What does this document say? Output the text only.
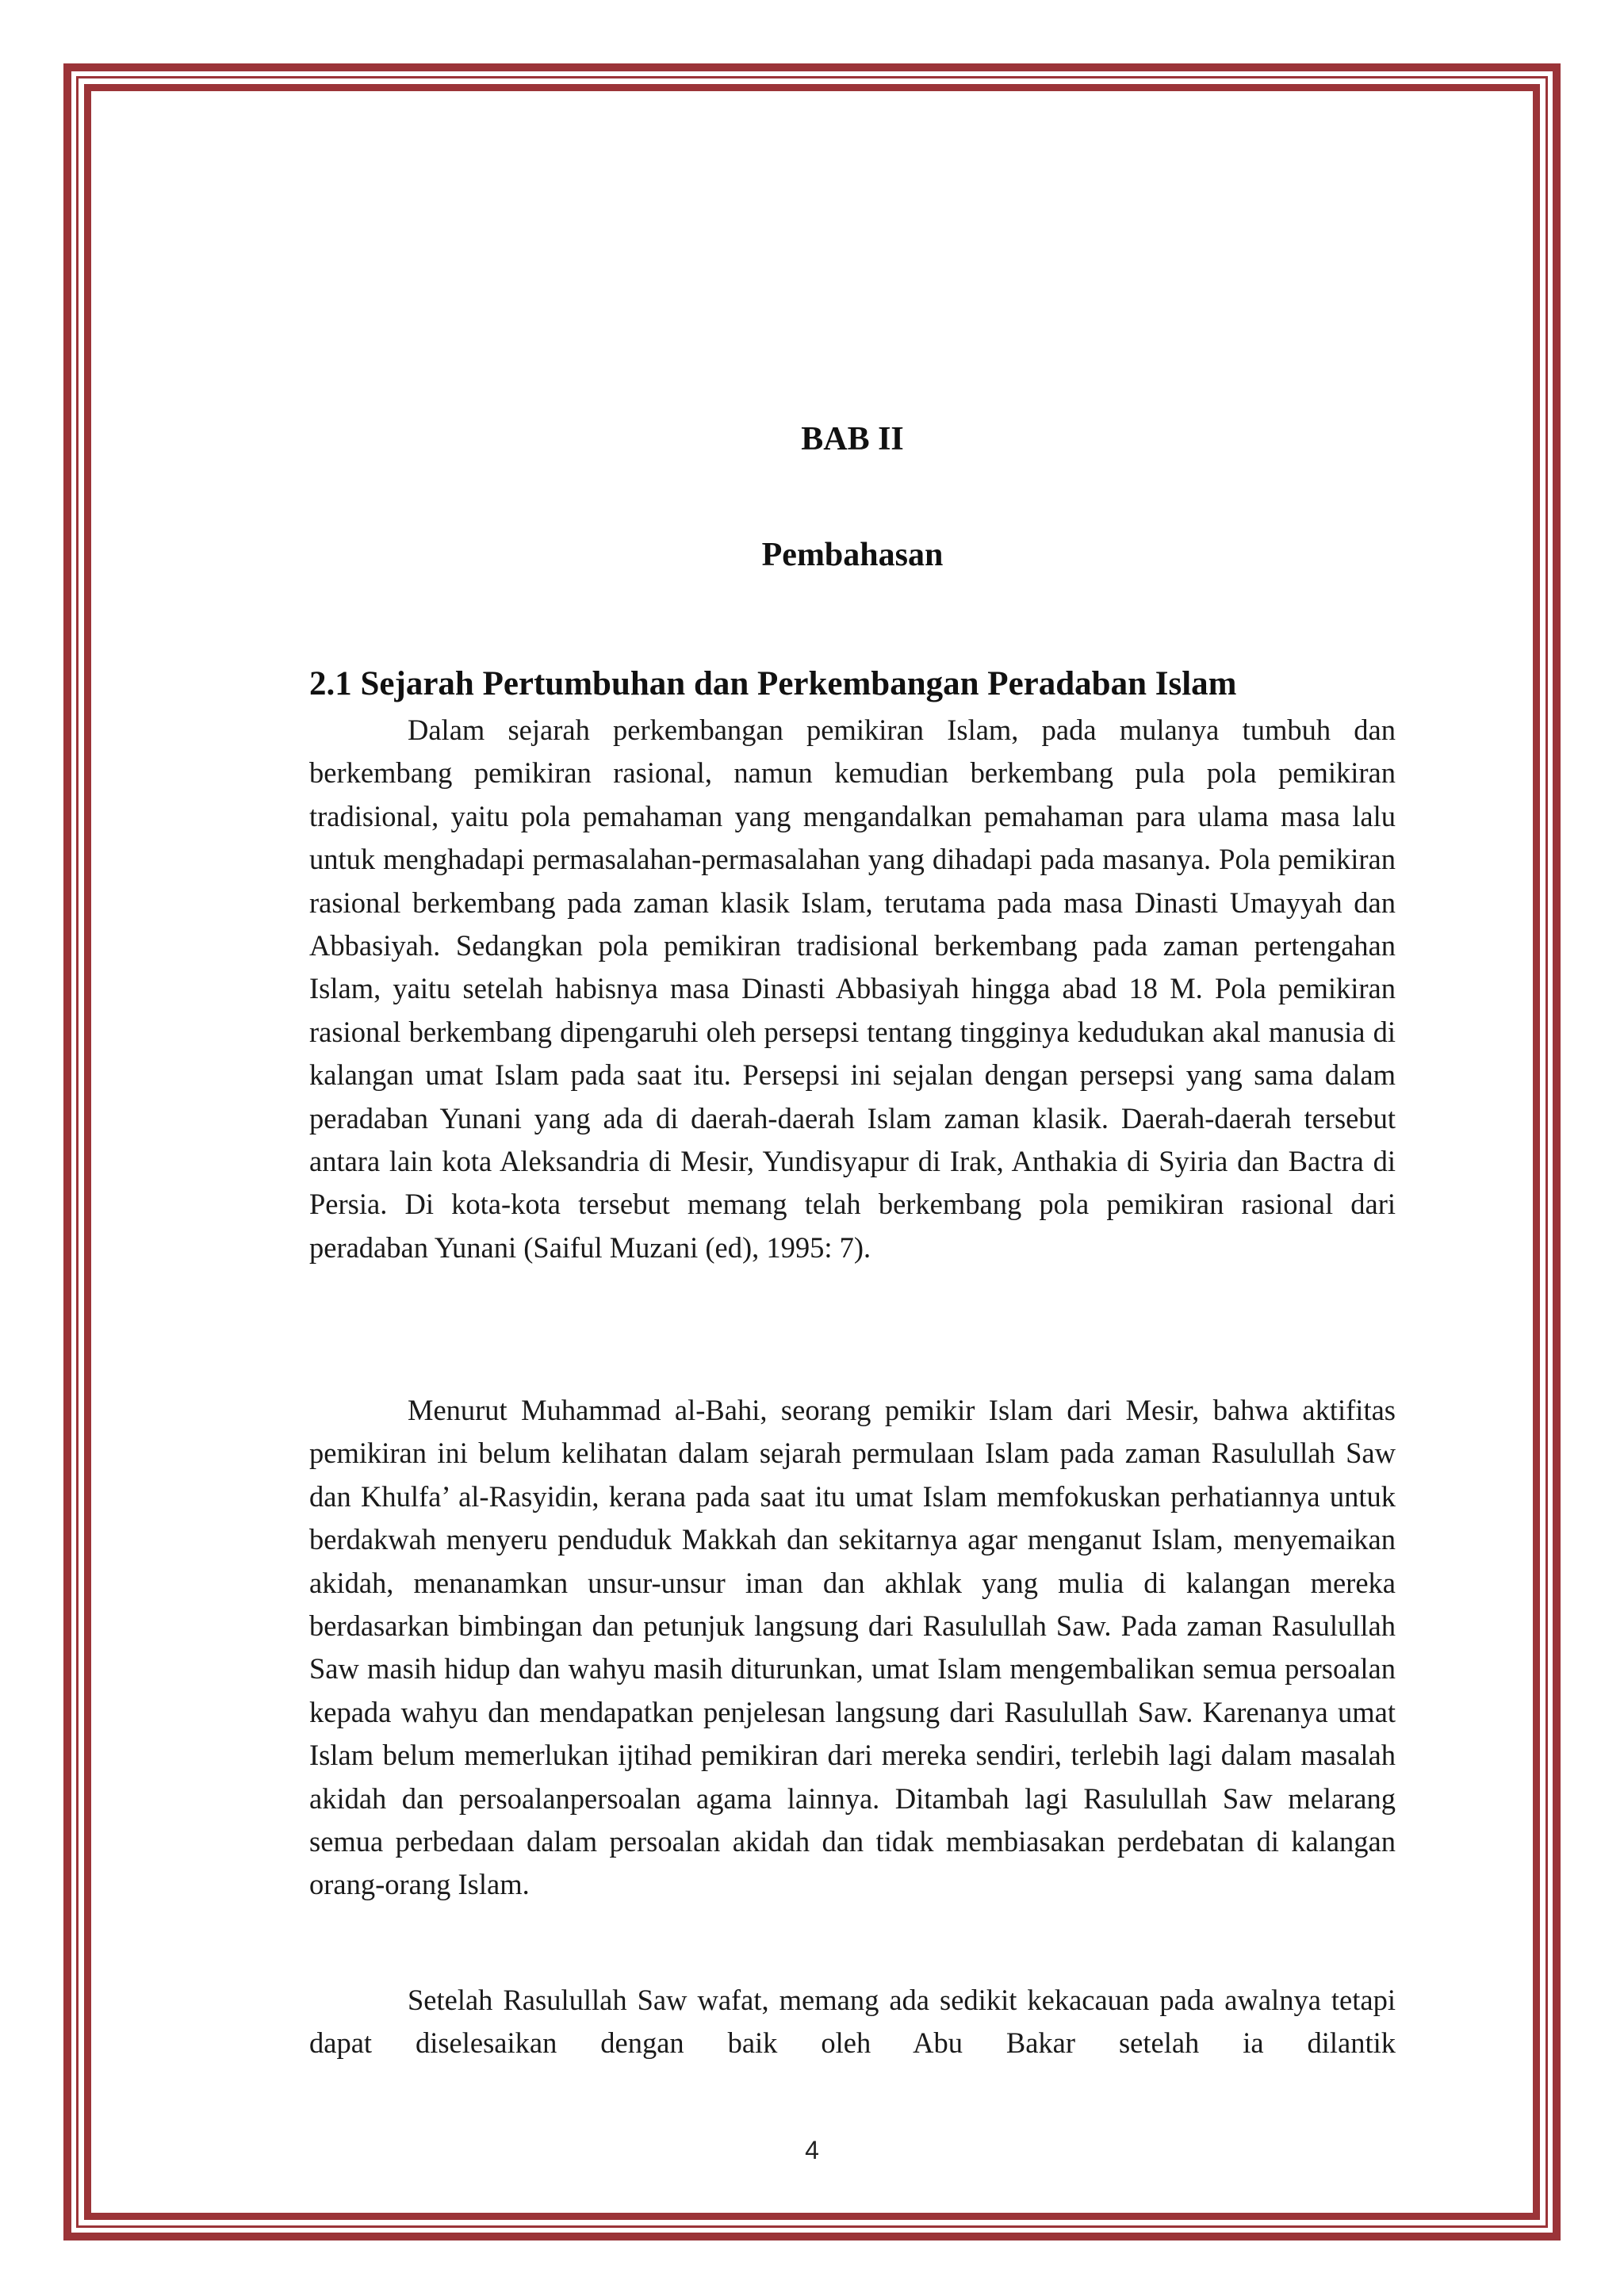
BAB II
Pembahasan
2.1 Sejarah Pertumbuhan dan Perkembangan Peradaban Islam

Dalam sejarah perkembangan pemikiran Islam, pada mulanya tumbuh dan berkembang pemikiran rasional, namun kemudian berkembang pula pola pemikiran tradisional, yaitu pola pemahaman yang mengandalkan pemahaman para ulama masa lalu untuk menghadapi permasalahan-permasalahan yang dihadapi pada masanya. Pola pemikiran rasional berkembang pada zaman klasik Islam, terutama pada masa Dinasti Umayyah dan Abbasiyah. Sedangkan pola pemikiran tradisional berkembang pada zaman pertengahan Islam, yaitu setelah habisnya masa Dinasti Abbasiyah hingga abad 18 M. Pola pemikiran rasional berkembang dipengaruhi oleh persepsi tentang tingginya kedudukan akal manusia di kalangan umat Islam pada saat itu. Persepsi ini sejalan dengan persepsi yang sama dalam peradaban Yunani yang ada di daerah-daerah Islam zaman klasik. Daerah-daerah tersebut antara lain kota Aleksandria di Mesir, Yundisyapur di Irak, Anthakia di Syiria dan Bactra di Persia. Di kota-kota tersebut memang telah berkembang pola pemikiran rasional dari peradaban Yunani (Saiful Muzani (ed), 1995: 7).

Menurut Muhammad al-Bahi, seorang pemikir Islam dari Mesir, bahwa aktifitas pemikiran ini belum kelihatan dalam sejarah permulaan Islam pada zaman Rasulullah Saw dan Khulfa’ al-Rasyidin, kerana pada saat itu umat Islam memfokuskan perhatiannya untuk berdakwah menyeru penduduk Makkah dan sekitarnya agar menganut Islam, menyemaikan akidah, menanamkan unsur-unsur iman dan akhlak yang mulia di kalangan mereka berdasarkan bimbingan dan petunjuk langsung dari Rasulullah Saw. Pada zaman Rasulullah Saw masih hidup dan wahyu masih diturunkan, umat Islam mengembalikan semua persoalan kepada wahyu dan mendapatkan penjelesan langsung dari Rasulullah Saw. Karenanya umat Islam belum memerlukan ijtihad pemikiran dari mereka sendiri, terlebih lagi dalam masalah akidah dan persoalanpersoalan agama lainnya. Ditambah lagi Rasulullah Saw melarang semua perbedaan dalam persoalan akidah dan tidak membiasakan perdebatan di kalangan orang-orang Islam.

Setelah Rasulullah Saw wafat, memang ada sedikit kekacauan pada awalnya tetapi dapat diselesaikan dengan baik oleh Abu Bakar setelah ia dilantik

4
